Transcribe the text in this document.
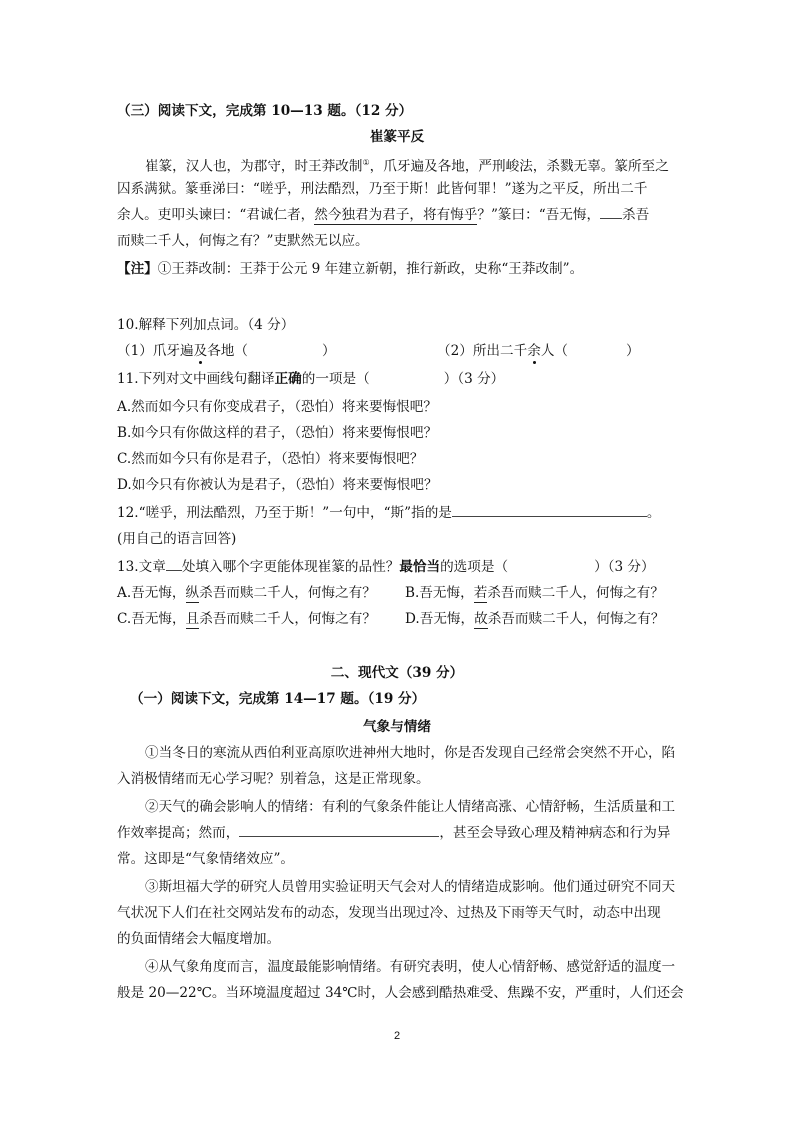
（三）阅读下文，完成第 10—13 题。（12 分）
崔篆平反
崔篆，汉人也，为郡守，时王莽改制①，爪牙遍及各地，严刑峻法，杀戮无辜。篆所至之
囚系满狱。篆垂涕曰：“嗟乎，刑法酷烈，乃至于斯！此皆何罪！”遂为之平反，所出二千
余人。吏叩头谏曰：“君诚仁者，然今独君为君子，将有悔乎？”篆曰：“吾无悔， 杀吾
而赎二千人，何悔之有？”吏默然无以应。
【注】①王莽改制：王莽于公元 9 年建立新朝，推行新政，史称“王莽改制”。
10.解释下列加点词。（4 分）
（1）爪牙遍及各地（	）	（2）所出二千余人（	）
11.下列对文中画线句翻译正确的一项是（	）（3 分）
A.然而如今只有你变成君子，（恐怕）将来要悔恨吧？
B.如今只有你做这样的君子，（恐怕）将来要悔恨吧？
C.然而如今只有你是君子，（恐怕）将来要悔恨吧？
D.如今只有你被认为是君子，（恐怕）将来要悔恨吧？
12.“嗟乎，刑法酷烈，乃至于斯！”一句中，“斯”指的是	。
(用自己的语言回答)
13.文章 处填入哪个字更能体现崔篆的品性？最恰当的选项是（	）（3 分）
A.吾无悔，纵杀吾而赎二千人，何悔之有？ B.吾无悔，若杀吾而赎二千人，何悔之有？
C.吾无悔，且杀吾而赎二千人，何悔之有？ D.吾无悔，故杀吾而赎二千人，何悔之有？
二、现代文（39 分）
（一）阅读下文，完成第 14—17 题。（19 分）
气象与情绪
①当冬日的寒流从西伯利亚高原吹进神州大地时，你是否发现自己经常会突然不开心，陷
入消极情绪而无心学习呢？别着急，这是正常现象。
②天气的确会影响人的情绪：有利的气象条件能让人情绪高涨、心情舒畅，生活质量和工
作效率提高；然而，	，甚至会导致心理及精神病态和行为异
常。这即是“气象情绪效应”。
③斯坦福大学的研究人员曾用实验证明天气会对人的情绪造成影响。他们通过研究不同天
气状况下人们在社交网站发布的动态，发现当出现过冷、过热及下雨等天气时，动态中出现
的负面情绪会大幅度增加。
④从气象角度而言，温度最能影响情绪。有研究表明，使人心情舒畅、感觉舒适的温度一
般是 20—22℃。当环境温度超过 34℃时，人会感到酷热难受、焦躁不安，严重时，人们还会
2
